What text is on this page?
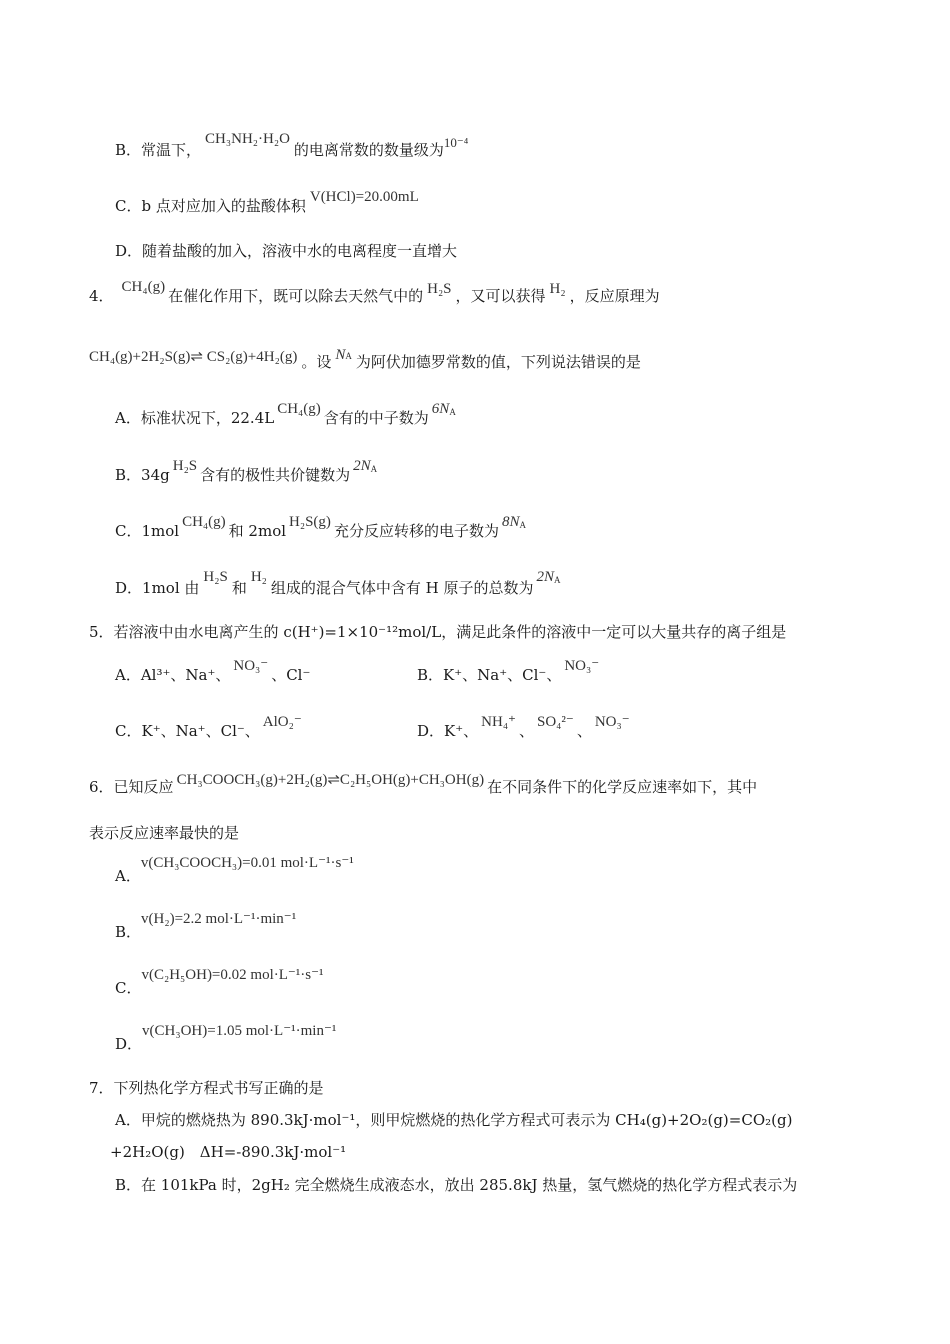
B．常温下，CH₃NH₂·H₂O的电离常数的数量级为10⁻⁴
C．b 点对应加入的盐酸体积 V(HCl)=20.00mL
D．随着盐酸的加入，溶液中水的电离程度一直增大
4． CH₄(g) 在催化作用下，既可以除去天然气中的 H₂S ，又可以获得 H₂ ，反应原理为
CH₄(g)+2H₂S(g)⇌ CS₂(g)+4H₂(g) 。设 $N^A$ 为阿伏加德罗常数的值，下列说法错误的是
A．标准状况下，22.4L CH₄(g) 含有的中子数为 $6N^A$
B．34g H₂S 含有的极性共价键数为 $2N^A$
C．1mol CH₄(g) 和 2mol H₂S(g) 充分反应转移的电子数为 $8N^A$
D．1mol 由H₂S和H₂组成的混合气体中含有 H 原子的总数为$2N^A$
5．若溶液中由水电离产生的 c(H⁺)=1×10⁻¹²mol/L，满足此条件的溶液中一定可以大量共存的离子组是
A．Al³⁺、Na⁺、 NO₃⁻ 、Cl⁻	B．K⁺、Na⁺、Cl⁻、 NO₃⁻
C．K⁺、Na⁺、Cl⁻、 AlO₂⁻	D．K⁺、 NH₄⁺ 、 SO₄²⁻ 、 NO₃⁻
6．已知反应 CH₃COOCH₃(g)+2H₂(g)⇌C₂H₅OH(g)+CH₃OH(g) 在不同条件下的化学反应速率如下，其中
表示反应速率最快的是
A．v(CH₃COOCH₃)=0.01 mol·L⁻¹·s⁻¹
B．v(H₂)=2.2 mol·L⁻¹·min⁻¹
C．v(C₂H₅OH)=0.02 mol·L⁻¹·s⁻¹
D．v(CH₃OH)=1.05 mol·L⁻¹·min⁻¹
7．下列热化学方程式书写正确的是
A．甲烷的燃烧热为 890.3kJ·mol⁻¹，则甲烷燃烧的热化学方程式可表示为 CH₄(g)+2O₂(g)=CO₂(g)
+2H₂O(g)　ΔH=-890.3kJ·mol⁻¹
B．在 101kPa 时，2gH₂ 完全燃烧生成液态水，放出 285.8kJ 热量，氢气燃烧的热化学方程式表示为
